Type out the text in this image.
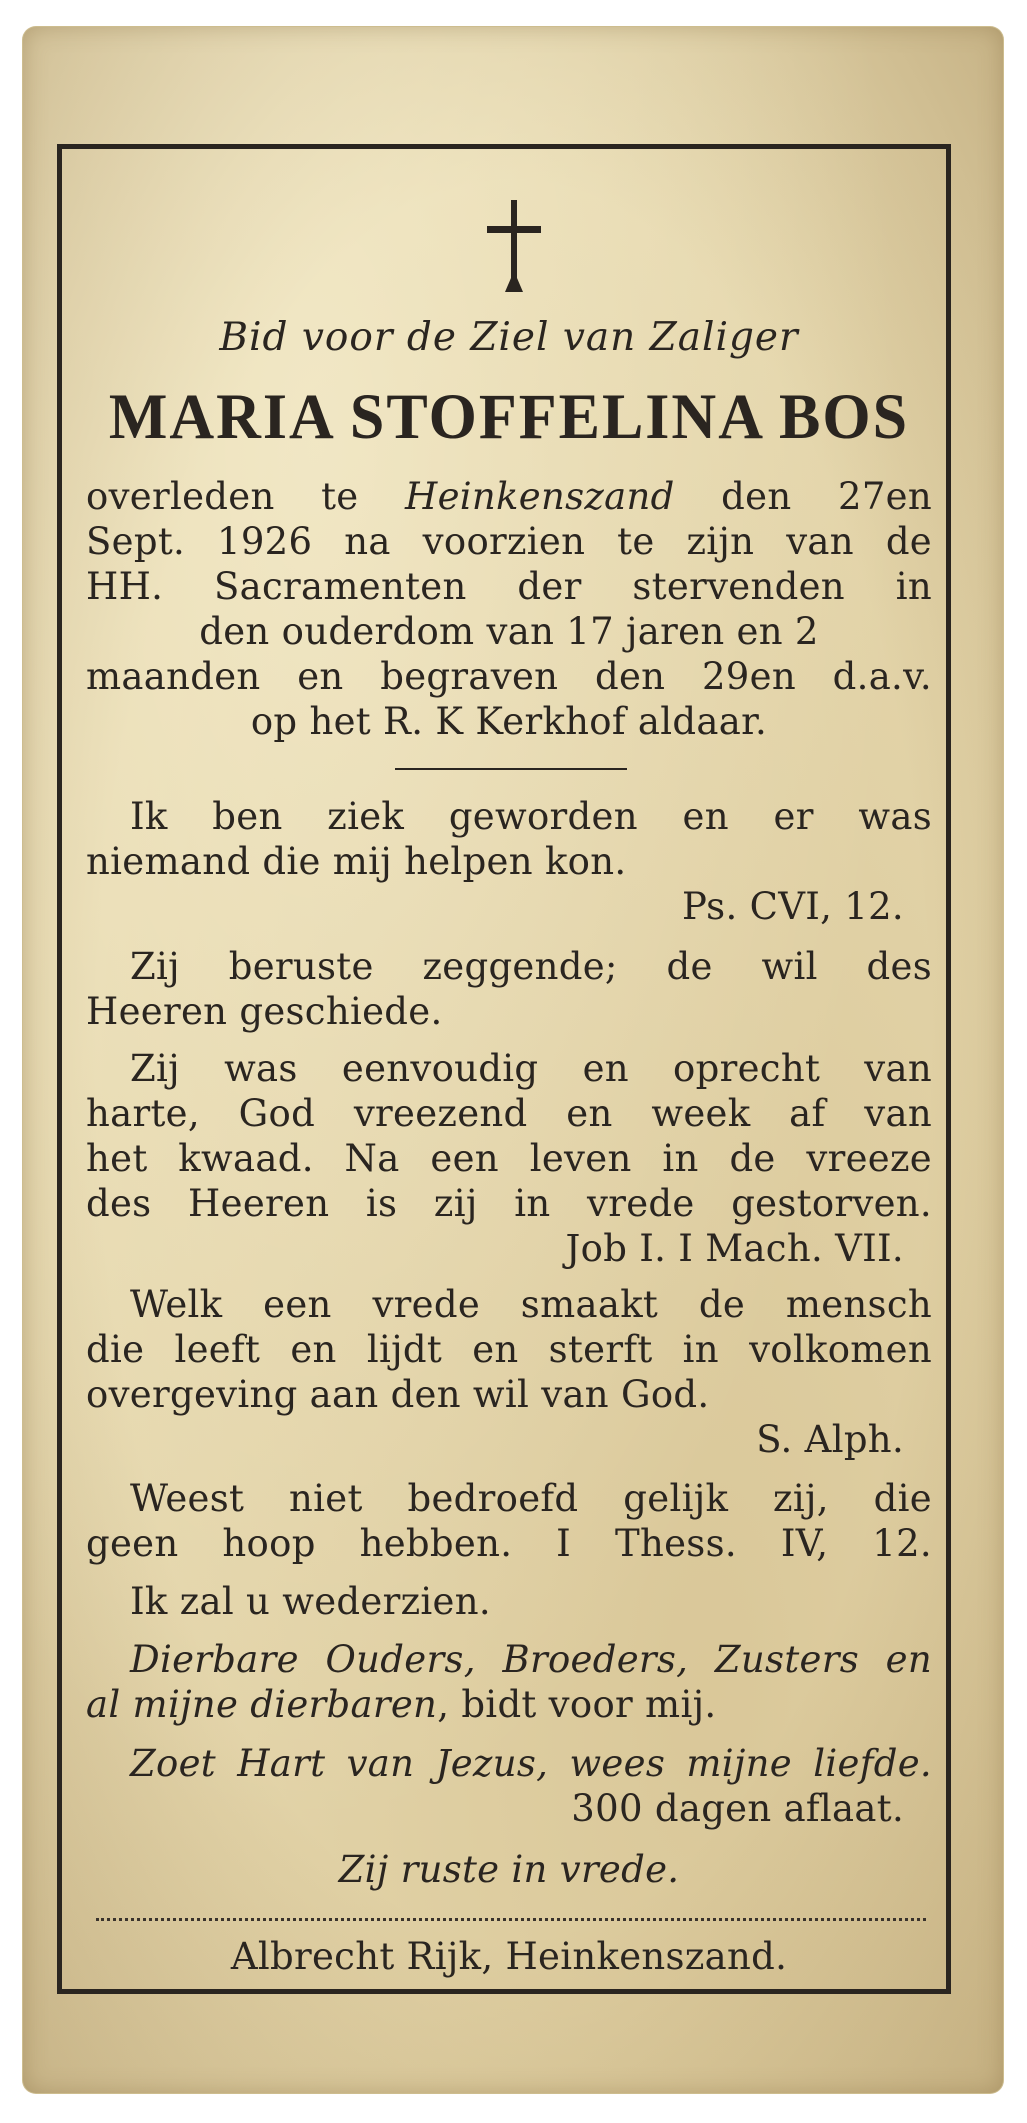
Bid voor de Ziel van Zaliger

MARIA STOFFELINA BOS

overleden te Heinkenszand den 27en

Sept. 1926 na voorzien te zijn van de

HH. Sacramenten der stervenden in

den ouderdom van 17 jaren en 2

maanden en begraven den 29en d.a.v.

op het R. K Kerkhof aldaar.

Ik ben ziek geworden en er was

niemand die mij helpen kon.

Ps. CVI, 12.

Zij beruste zeggende; de wil des

Heeren geschiede.

Zij was eenvoudig en oprecht van

harte, God vreezend en week af van

het kwaad. Na een leven in de vreeze

des Heeren is zij in vrede gestorven.

Job I. I Mach. VII.

Welk een vrede smaakt de mensch

die leeft en lijdt en sterft in volkomen

overgeving aan den wil van God.

S. Alph.

Weest niet bedroefd gelijk zij, die

geen hoop hebben. I Thess. IV, 12.

Ik zal u wederzien.

Dierbare Ouders, Broeders, Zusters en

al mijne dierbaren, bidt voor mij.

Zoet Hart van Jezus, wees mijne liefde.

300 dagen aflaat.

Zij ruste in vrede.

Albrecht Rijk, Heinkenszand.
